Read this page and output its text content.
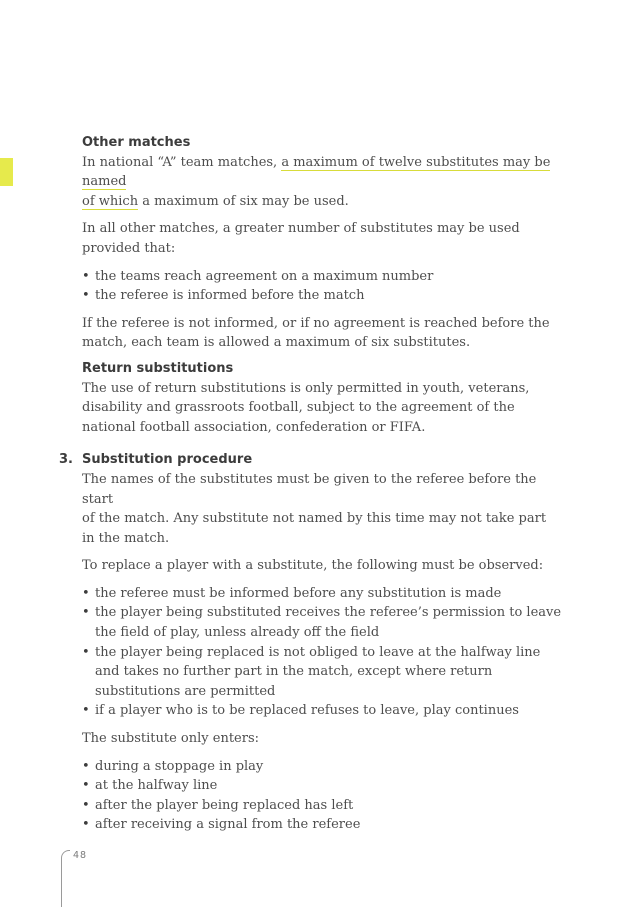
Other matches

In national “A” team matches, a maximum of twelve substitutes may be named
of which a maximum of six may be used.

In all other matches, a greater number of substitutes may be used provided that:

• the teams reach agreement on a maximum number
• the referee is informed before the match

If the referee is not informed, or if no agreement is reached before the match, each team is allowed a maximum of six substitutes.

Return substitutions

The use of return substitutions is only permitted in youth, veterans, disability and grassroots football, subject to the agreement of the national football association, confederation or FIFA.

3. Substitution procedure

The names of the substitutes must be given to the referee before the start
of the match. Any substitute not named by this time may not take part in the match.

To replace a player with a substitute, the following must be observed:

• the referee must be informed before any substitution is made
• the player being substituted receives the referee’s permission to leave the field of play, unless already off the field
• the player being replaced is not obliged to leave at the halfway line and takes no further part in the match, except where return substitutions are permitted
• if a player who is to be replaced refuses to leave, play continues

The substitute only enters:

• during a stoppage in play
• at the halfway line
• after the player being replaced has left
• after receiving a signal from the referee
48
